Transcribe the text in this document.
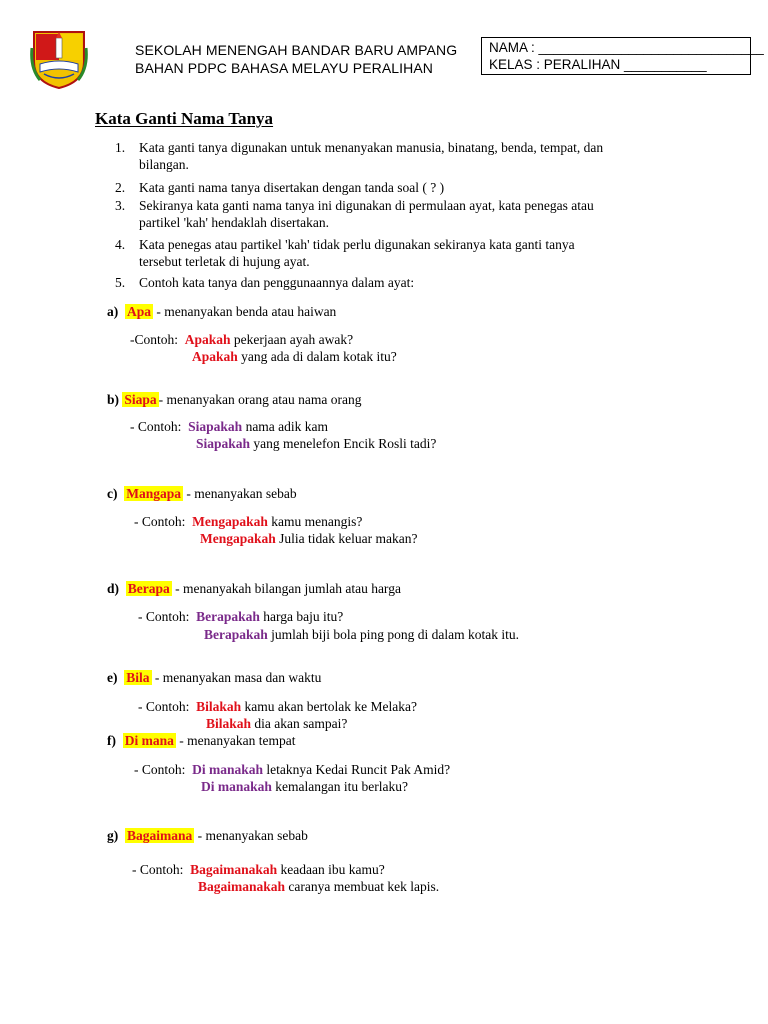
SEKOLAH MENENGAH BANDAR BARU AMPANG
BAHAN PDPC BAHASA MELAYU PERALIHAN
NAMA : ______________________________
KELAS : PERALIHAN ___________
Kata Ganti Nama Tanya
1. Kata ganti tanya digunakan untuk menanyakan manusia, binatang, benda, tempat, dan
bilangan.
2. Kata ganti nama tanya disertakan dengan tanda soal ( ? )
3. Sekiranya kata ganti nama tanya ini digunakan di permulaan ayat, kata penegas atau
partikel 'kah' hendaklah disertakan.
4. Kata penegas atau partikel 'kah' tidak perlu digunakan sekiranya kata ganti tanya
tersebut terletak di hujung ayat.
5. Contoh kata tanya dan penggunaannya dalam ayat:
a) Apa - menanyakan benda atau haiwan
-Contoh: Apakah pekerjaan ayah awak?
Apakah yang ada di dalam kotak itu?
b) Siapa - menanyakan orang atau nama orang
- Contoh: Siapakah nama adik kam
Siapakah yang menelefon Encik Rosli tadi?
c) Mangapa - menanyakan sebab
- Contoh: Mengapakah kamu menangis?
Mengapakah Julia tidak keluar makan?
d) Berapa - menanyakah bilangan jumlah atau harga
- Contoh: Berapakah harga baju itu?
Berapakah jumlah biji bola ping pong di dalam kotak itu.
e) Bila - menanyakan masa dan waktu
- Contoh: Bilakah kamu akan bertolak ke Melaka?
Bilakah dia akan sampai?
f) Di mana - menanyakan tempat
- Contoh: Di manakah letaknya Kedai Runcit Pak Amid?
Di manakah kemalangan itu berlaku?
g) Bagaimana - menanyakan sebab
- Contoh: Bagaimanakah keadaan ibu kamu?
Bagaimanakah caranya membuat kek lapis.
